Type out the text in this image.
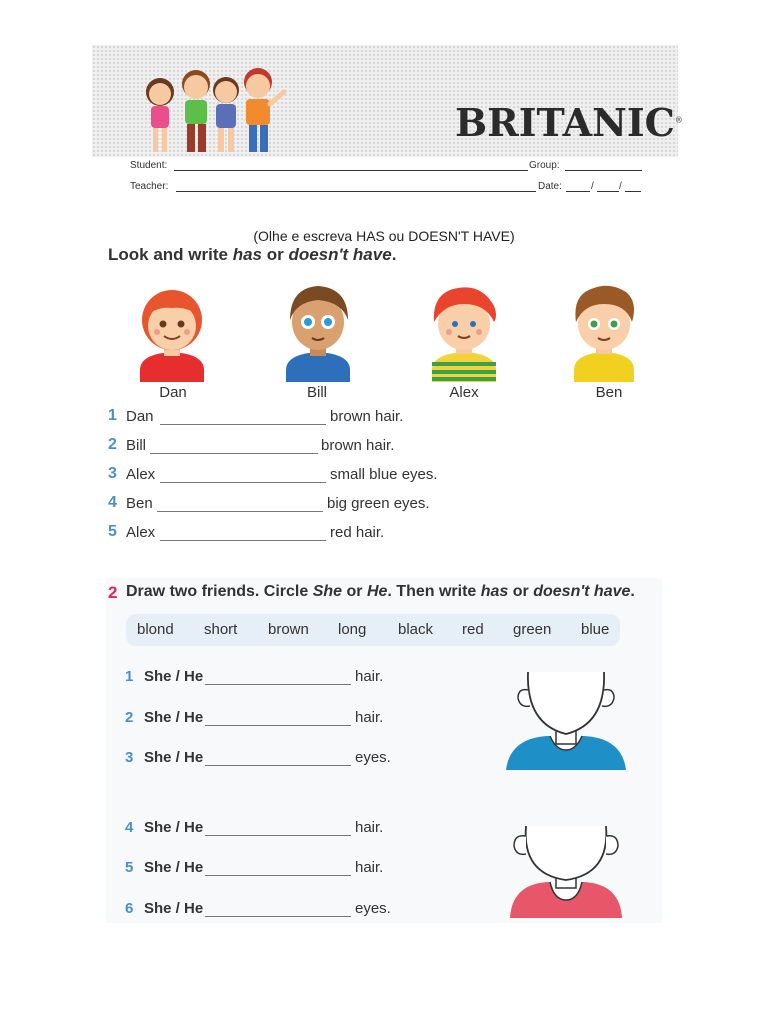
BRITANIC®
Student:	Group:
Teacher:	Date:	/	/
(Olhe e escreva HAS ou DOESN'T HAVE)
Look and write has or doesn't have.
Dan	Bill	Alex	Ben
1 Dan	brown hair.
2 Bill	brown hair.
3 Alex	small blue eyes.
4 Ben	big green eyes.
5 Alex	red hair.
2 Draw two friends. Circle She or He. Then write has or doesn't have.
blond short brown long black red green blue
1 She / He	hair.
2 She / He	hair.
3 She / He	eyes.
4 She / He	hair.
5 She / He	hair.
6 She / He	eyes.
